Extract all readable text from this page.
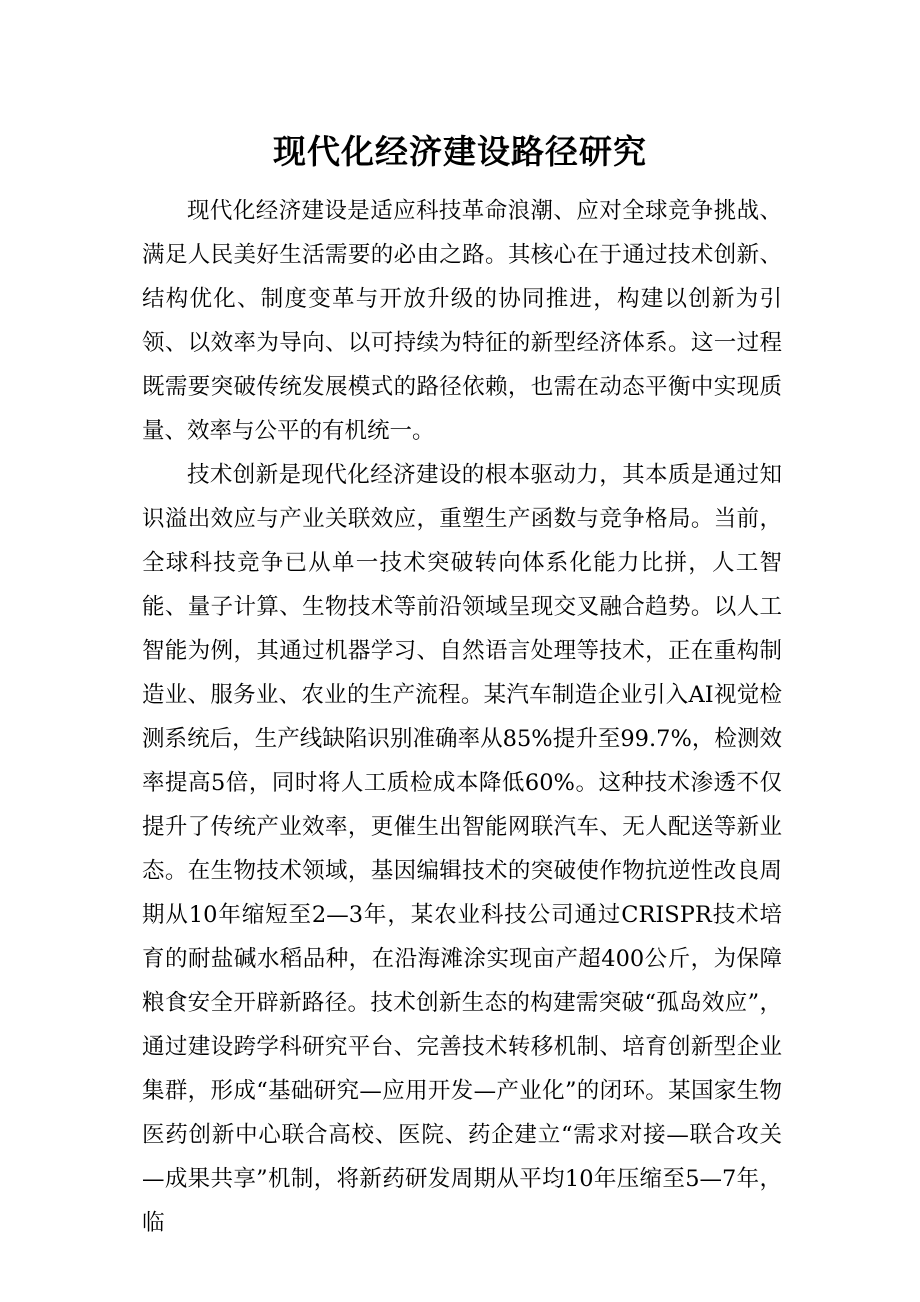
现代化经济建设路径研究

现代化经济建设是适应科技革命浪潮、应对全球竞争挑战、满足人民美好生活需要的必由之路。其核心在于通过技术创新、结构优化、制度变革与开放升级的协同推进，构建以创新为引领、以效率为导向、以可持续为特征的新型经济体系。这一过程既需要突破传统发展模式的路径依赖，也需在动态平衡中实现质量、效率与公平的有机统一。

技术创新是现代化经济建设的根本驱动力，其本质是通过知识溢出效应与产业关联效应，重塑生产函数与竞争格局。当前，全球科技竞争已从单一技术突破转向体系化能力比拼，人工智能、量子计算、生物技术等前沿领域呈现交叉融合趋势。以人工智能为例，其通过机器学习、自然语言处理等技术，正在重构制造业、服务业、农业的生产流程。某汽车制造企业引入AI视觉检测系统后，生产线缺陷识别准确率从85%提升至99.7%，检测效率提高5倍，同时将人工质检成本降低60%。这种技术渗透不仅提升了传统产业效率，更催生出智能网联汽车、无人配送等新业态。在生物技术领域，基因编辑技术的突破使作物抗逆性改良周期从10年缩短至2—3年，某农业科技公司通过CRISPR技术培育的耐盐碱水稻品种，在沿海滩涂实现亩产超400公斤，为保障粮食安全开辟新路径。技术创新生态的构建需突破“孤岛效应”，通过建设跨学科研究平台、完善技术转移机制、培育创新型企业集群，形成“基础研究—应用开发—产业化”的闭环。某国家生物医药创新中心联合高校、医院、药企建立“需求对接—联合攻关—成果共享”机制，将新药研发周期从平均10年压缩至5—7年，临
